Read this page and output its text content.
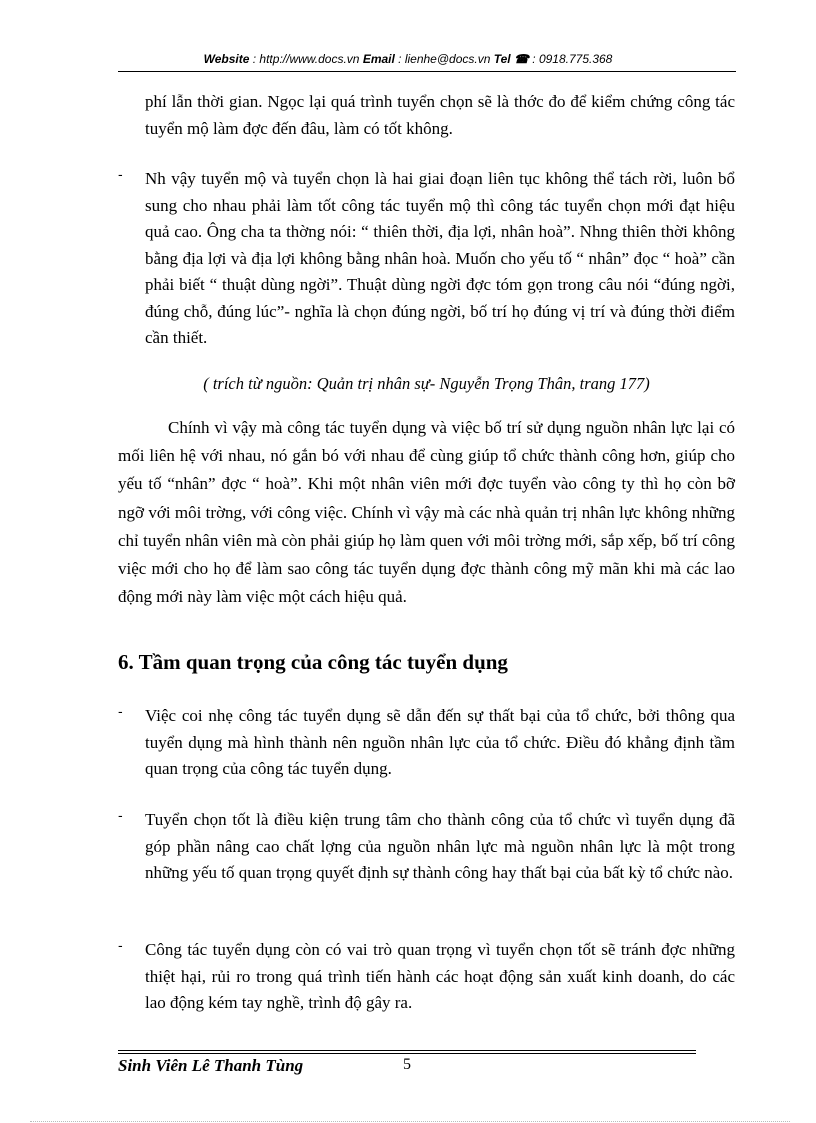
Website : http://www.docs.vn Email : lienhe@docs.vn Tel ☎ : 0918.775.368
phí lẫn thời gian. Ngọc lại quá trình tuyển chọn sẽ là thớc đo để kiểm chứng công tác tuyển mộ làm đợc đến đâu, làm có tốt không.
- Nh vậy tuyển mộ và tuyển chọn là hai giai đoạn liên tục không thể tách rời, luôn bổ sung cho nhau phải làm tốt công tác tuyển mộ thì công tác tuyển chọn mới đạt hiệu quả cao. Ông cha ta thờng nói: “ thiên thời, địa lợi, nhân hoà”. Nhng thiên thời không bằng địa lợi và địa lợi không bằng nhân hoà. Muốn cho yếu tố “ nhân” đọc “ hoà” cần phải biết “ thuật dùng ngời”. Thuật dùng ngời đợc tóm gọn trong câu nói “đúng ngời, đúng chỗ, đúng lúc”- nghĩa là chọn đúng ngời, bố trí họ đúng vị trí và đúng thời điểm cần thiết.
( trích từ nguồn: Quản trị nhân sự- Nguyễn Trọng Thân, trang 177)
Chính vì vậy mà công tác tuyển dụng và việc bố trí sử dụng nguồn nhân lực lại có mối liên hệ với nhau, nó gắn bó với nhau để cùng giúp tổ chức thành công hơn, giúp cho yếu tố “nhân” đợc “ hoà”. Khi một nhân viên mới đợc tuyển vào công ty thì họ còn bỡ ngỡ với môi trờng, với công việc. Chính vì vậy mà các nhà quản trị nhân lực không những chỉ tuyển nhân viên mà còn phải giúp họ làm quen với môi trờng mới, sắp xếp, bố trí công việc mới cho họ để làm sao công tác tuyển dụng đợc thành công mỹ mãn khi mà các lao động mới này làm việc một cách hiệu quả.
6. Tầm quan trọng của công tác tuyển dụng
- Việc coi nhẹ công tác tuyển dụng sẽ dẫn đến sự thất bại của tổ chức, bởi thông qua tuyển dụng mà hình thành nên nguồn nhân lực của tổ chức. Điều đó khẳng định tầm quan trọng của công tác tuyển dụng.
- Tuyển chọn tốt là điều kiện trung tâm cho thành công của tổ chức vì tuyển dụng đã góp phần nâng cao chất lợng của nguồn nhân lực mà nguồn nhân lực là một trong những yếu tố quan trọng quyết định sự thành công hay thất bại của bất kỳ tổ chức nào.
- Công tác tuyển dụng còn có vai trò quan trọng vì tuyển chọn tốt sẽ tránh đợc những thiệt hại, rủi ro trong quá trình tiến hành các hoạt động sản xuất kinh doanh, do các lao động kém tay nghề, trình độ gây ra.
Sinh Viên Lê Thanh Tùng	5
